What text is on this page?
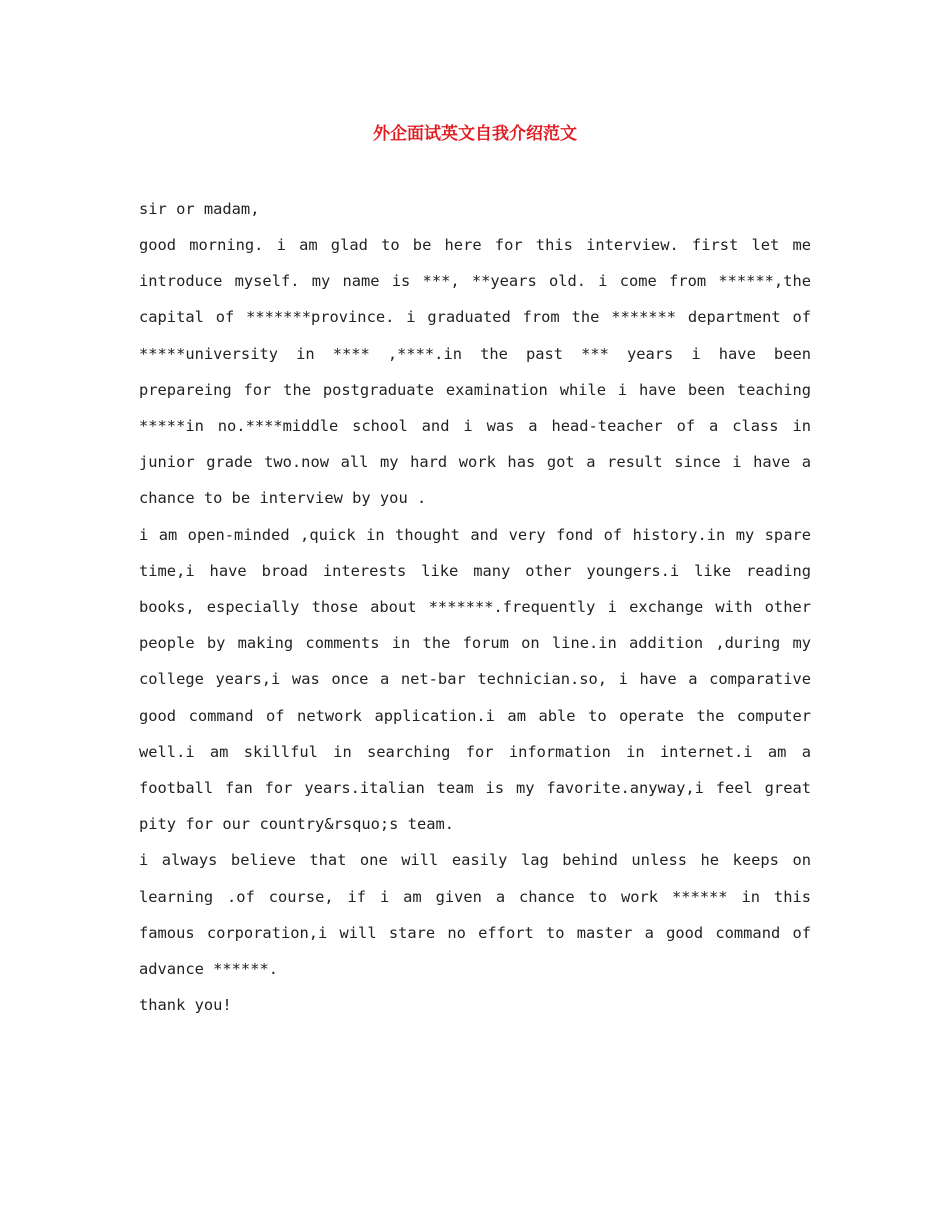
外企面试英文自我介绍范文

sir or madam,

good morning. i am glad to be here for this interview. first let me introduce myself. my name is ***, **years old. i come from ******,the capital of *******province. i graduated from the ******* department of *****university in **** ,****.in the past *** years i have been prepareing for the postgraduate examination while i have been teaching *****in no.****middle school and i was a head-teacher of a class in junior grade two.now all my hard work has got a result since i have a chance to be interview by you .

i am open-minded ,quick in thought and very fond of history.in my spare time,i have broad interests like many other youngers.i like reading books, especially those about *******.frequently i exchange with other people by making comments in the forum on line.in addition ,during my college years,i was once a net-bar technician.so, i have a comparative good command of network application.i am able to operate the computer well.i am skillful in searching for information in internet.i am a football fan for years.italian team is my favorite.anyway,i feel great pity for our country&rsquo;s team.

i always believe that one will easily lag behind unless he keeps on learning .of course, if i am given a chance to work ****** in this famous corporation,i will stare no effort to master a good command of advance ******.

thank you!
